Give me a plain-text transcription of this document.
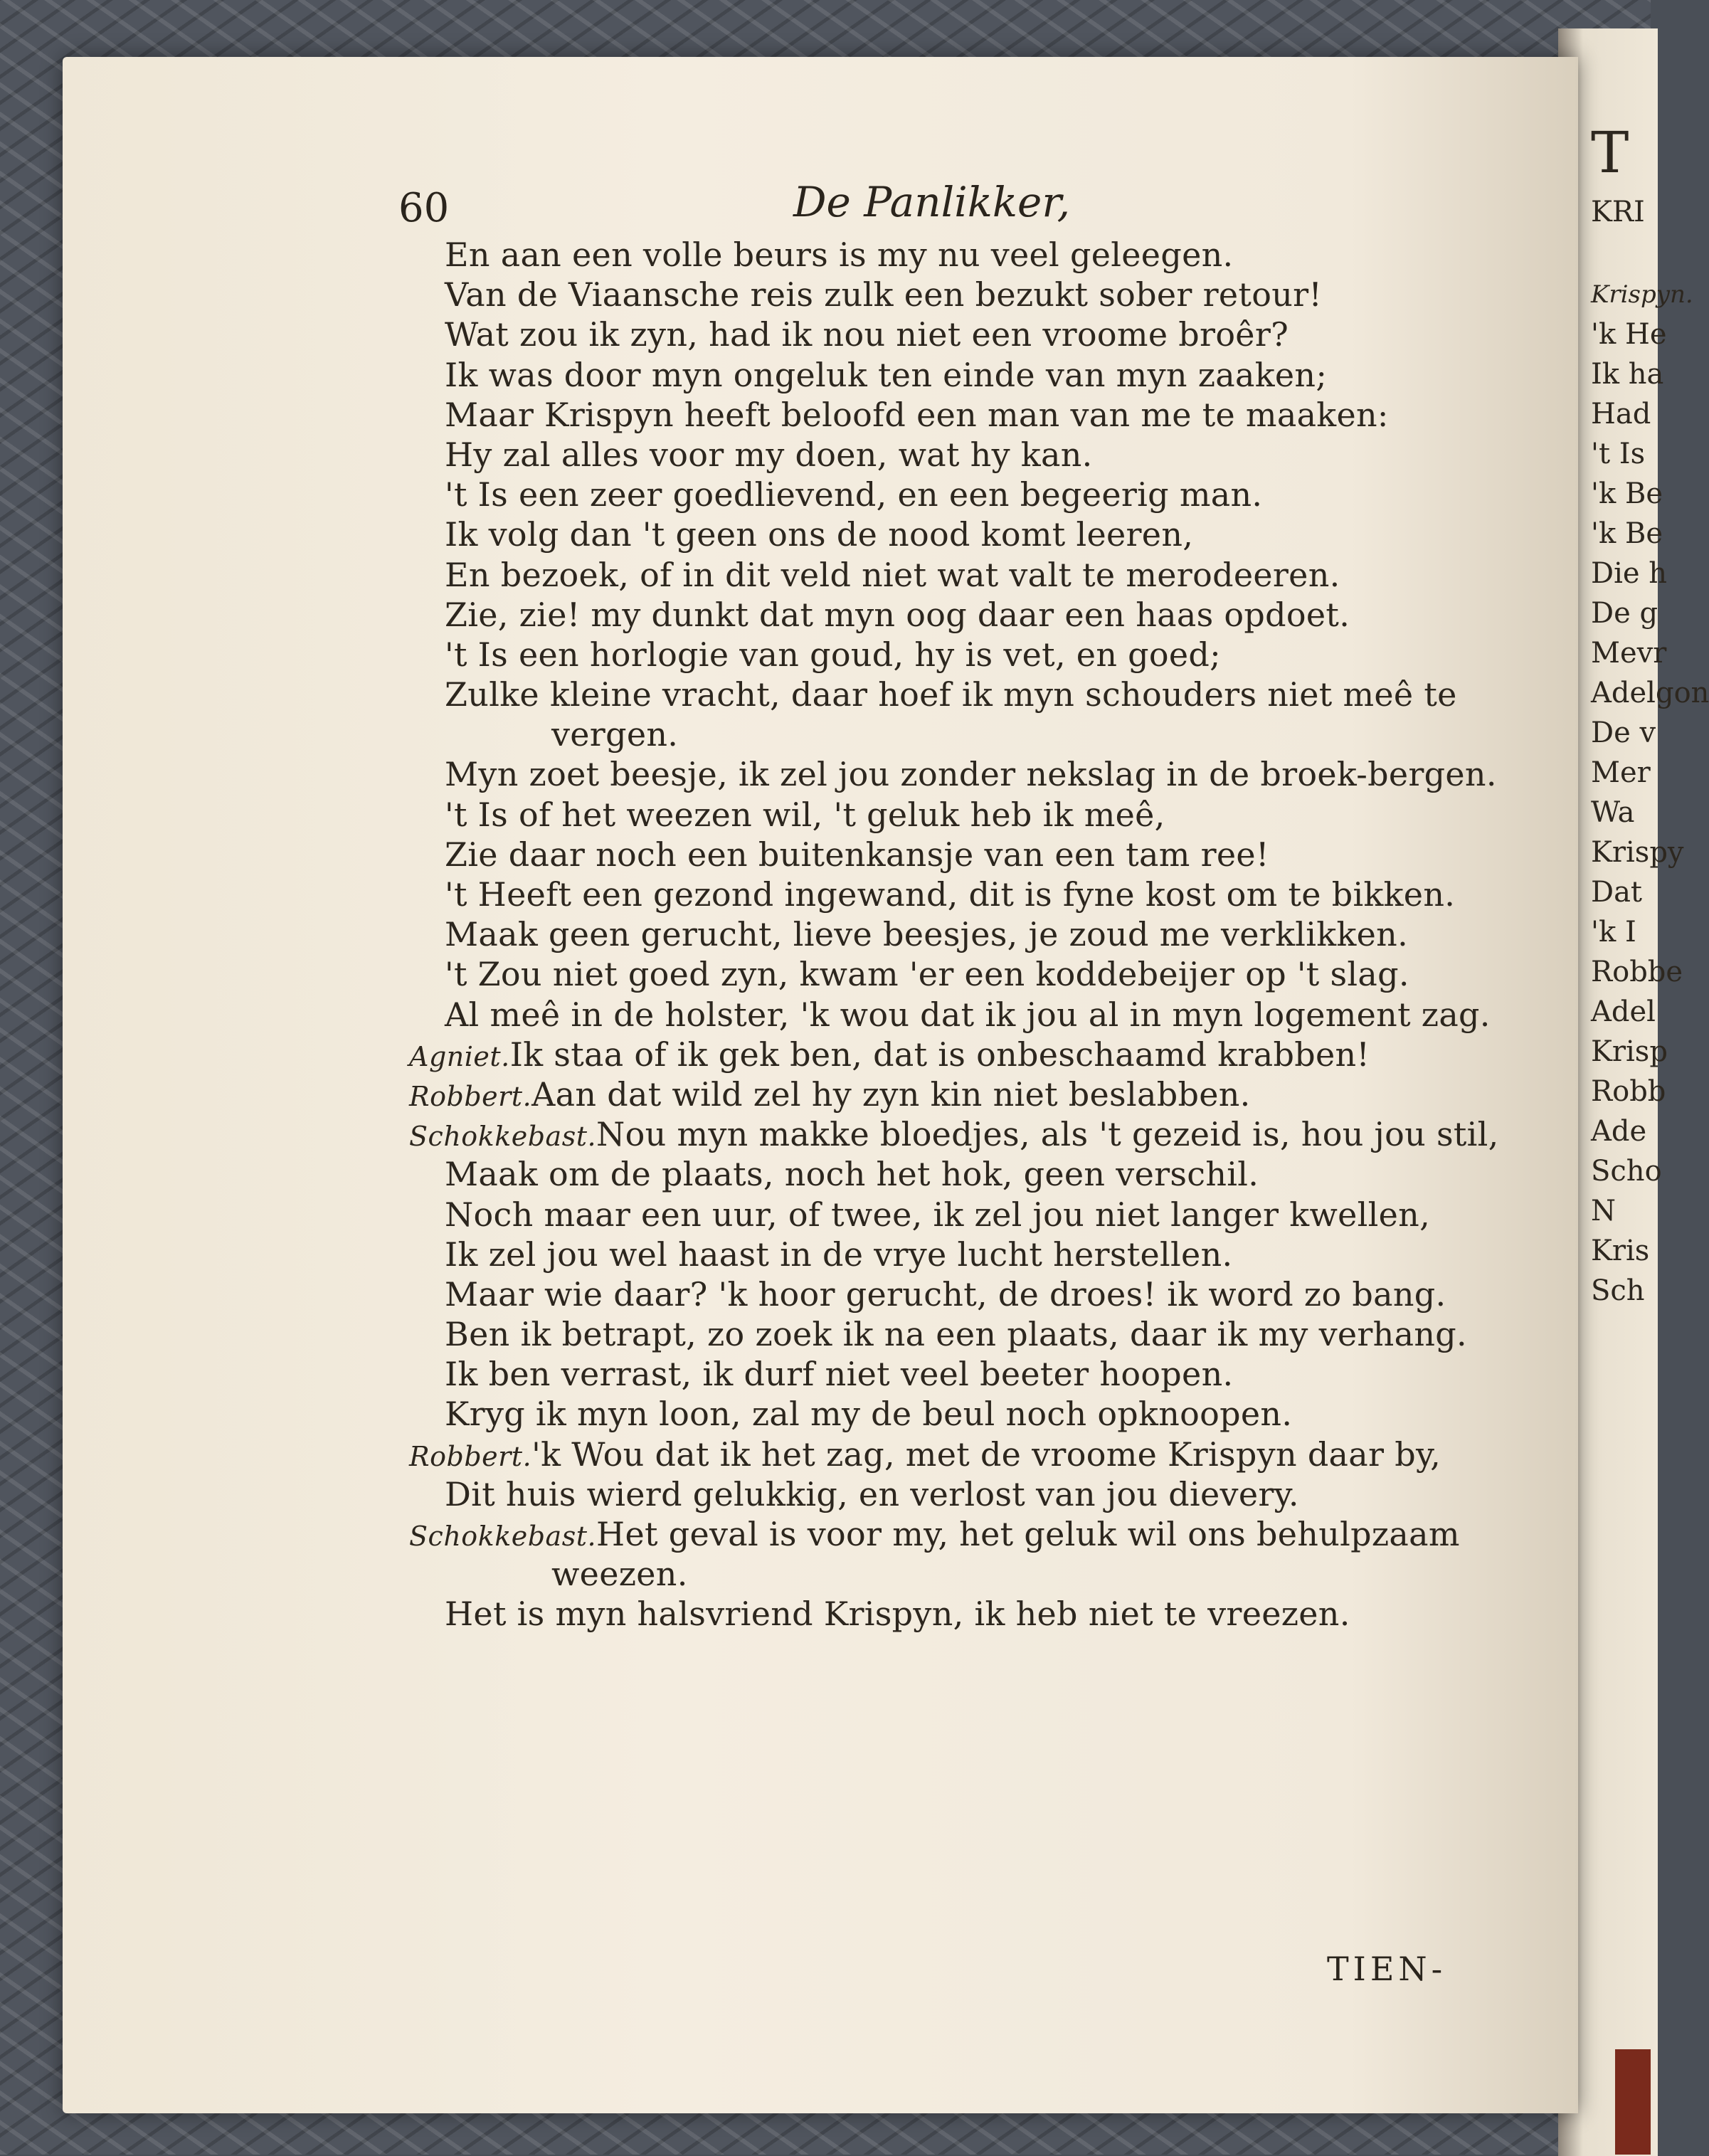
60	De Panlikker,
En aan een volle beurs is my nu veel geleegen.
Van de Viaansche reis zulk een bezukt sober retour!
Wat zou ik zyn, had ik nou niet een vroome broêr?
Ik was door myn ongeluk ten einde van myn zaaken;
Maar Krispyn heeft beloofd een man van me te maaken:
Hy zal alles voor my doen, wat hy kan.
't Is een zeer goedlievend, en een begeerig man.
Ik volg dan 't geen ons de nood komt leeren,
En bezoek, of in dit veld niet wat valt te merodeeren.
Zie, zie! my dunkt dat myn oog daar een haas opdoet.
't Is een horlogie van goud, hy is vet, en goed;
Zulke kleine vracht, daar hoef ik myn schouders niet meê te
vergen.
Myn zoet beesje, ik zel jou zonder nekslag in de broek-bergen.
't Is of het weezen wil, 't geluk heb ik meê,
Zie daar noch een buitenkansje van een tam ree!
't Heeft een gezond ingewand, dit is fyne kost om te bikken.
Maak geen gerucht, lieve beesjes, je zoud me verklikken.
't Zou niet goed zyn, kwam 'er een koddebeijer op 't slag.
Al meê in de holster, 'k wou dat ik jou al in myn logement zag.
Agniet.Ik staa of ik gek ben, dat is onbeschaamd krabben!
Robbert.Aan dat wild zel hy zyn kin niet beslabben.
Schokkebast.Nou myn makke bloedjes, als 't gezeid is, hou jou stil,
Maak om de plaats, noch het hok, geen verschil.
Noch maar een uur, of twee, ik zel jou niet langer kwellen,
Ik zel jou wel haast in de vrye lucht herstellen.
Maar wie daar? 'k hoor gerucht, de droes! ik word zo bang.
Ben ik betrapt, zo zoek ik na een plaats, daar ik my verhang.
Ik ben verrast, ik durf niet veel beeter hoopen.
Kryg ik myn loon, zal my de beul noch opknoopen.
Robbert.'k Wou dat ik het zag, met de vroome Krispyn daar by,
Dit huis wierd gelukkig, en verlost van jou dievery.
Schokkebast.Het geval is voor my, het geluk wil ons behulpzaam
weezen.
Het is myn halsvriend Krispyn, ik heb niet te vreezen.
TIEN-
T
KRI
Krispyn.
'k He
Ik ha
Had
't Is
'k Be
'k Be
Die h
De g
Mevr
Adelgon
De v
Mer
Wa
Krispy
Dat
'k I
Robbe
Adel
Krisp
Robb
Ade
Scho
N
Kris
Sch
